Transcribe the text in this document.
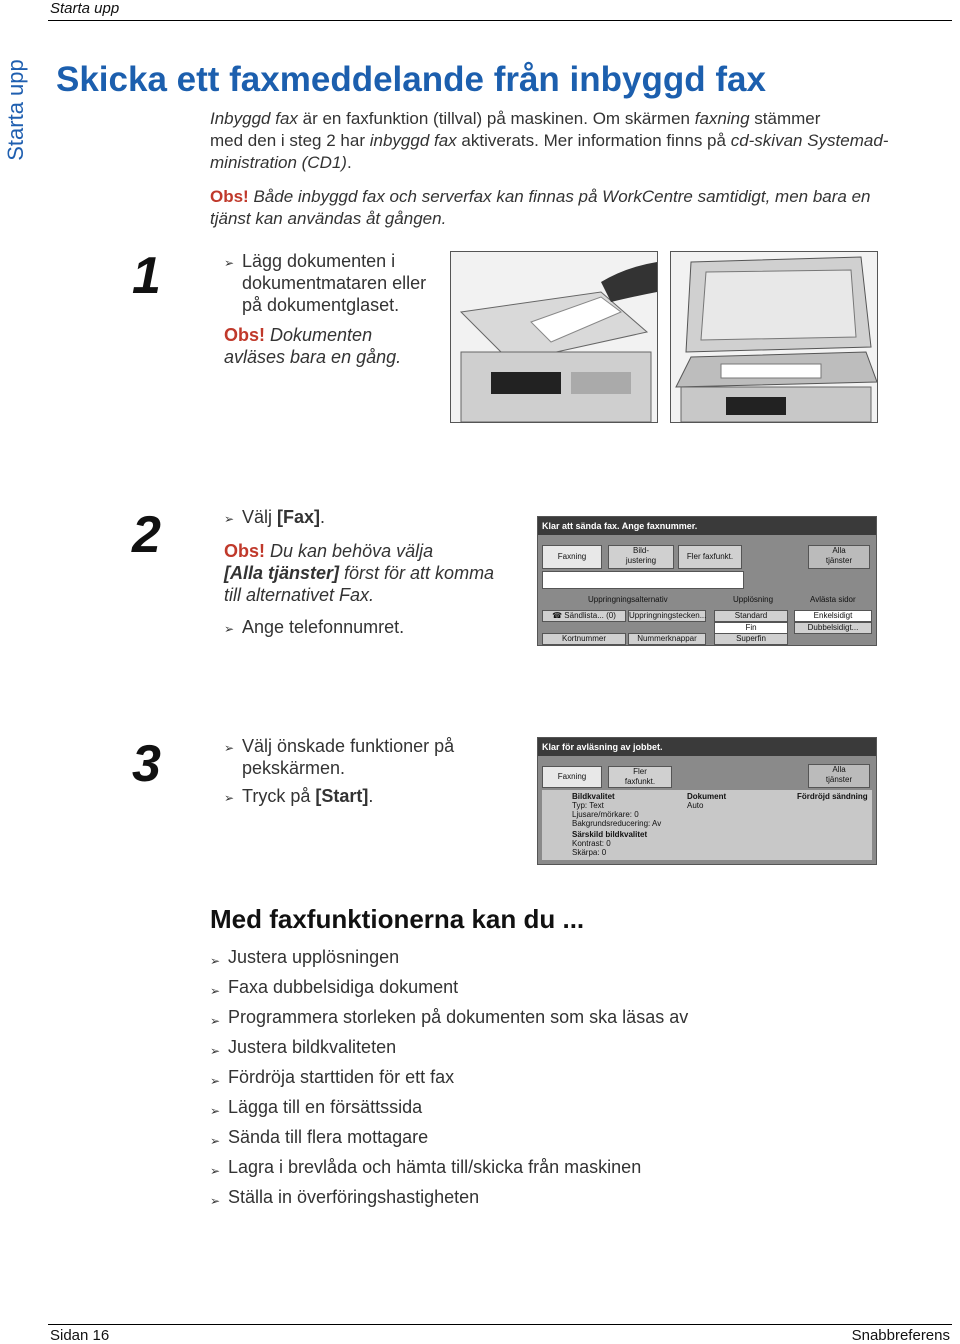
Starta upp
Starta upp Skicka ett faxmeddelande från inbyggd fax
Inbyggd fax är en faxfunktion (tillval) på maskinen. Om skärmen faxning stämmer
med den i steg 2 har inbyggd fax aktiverats. Mer information finns på cd-skivan Systemad-
ministration (CD1).
Obs! Både inbyggd fax och serverfax kan finnas på WorkCentre samtidigt, men bara en
tjänst kan användas åt gången.
1	➢ Lägg dokumenten i
dokumentmataren eller
på dokumentglaset.
Obs! Dokumenten
avläses bara en gång.
2	➢ Välj [Fax].
Obs! Du kan behöva välja
[Alla tjänster] först för att komma
till alternativet Fax.
➢ Ange telefonnumret.
Klar att sända fax. Ange faxnummer.
Faxning
Bild-
justering	Fler faxfunkt.
Alla
tjänster
Uppringningsalternativ	Upplösning	Avlästa sidor
☎ Sändlista... (0)	Uppringningstecken...	Standard	Enkelsidigt
Fin	Dubbelsidigt...
Kortnummer	Nummerknappar	Superfin
3	➢ Välj önskade funktioner på
pekskärmen.
➢ Tryck på [Start].
Klar för avläsning av jobbet.
Faxning
Fler
faxfunkt.
Alla
tjänster
Bildkvalitet
Typ: Text
Ljusare/mörkare: 0
Bakgrundsreducering: Av
Dokument
Auto
Fördröjd sändning
Särskild bildkvalitet
Kontrast: 0
Skärpa: 0
Med faxfunktionerna kan du ...
➢ Justera upplösningen
➢ Faxa dubbelsidiga dokument
➢ Programmera storleken på dokumenten som ska läsas av
➢ Justera bildkvaliteten
➢ Fördröja starttiden för ett fax
➢ Lägga till en försättssida
➢ Sända till flera mottagare
➢ Lagra i brevlåda och hämta till/skicka från maskinen
➢ Ställa in överföringshastigheten
Sidan 16	Snabbreferens
